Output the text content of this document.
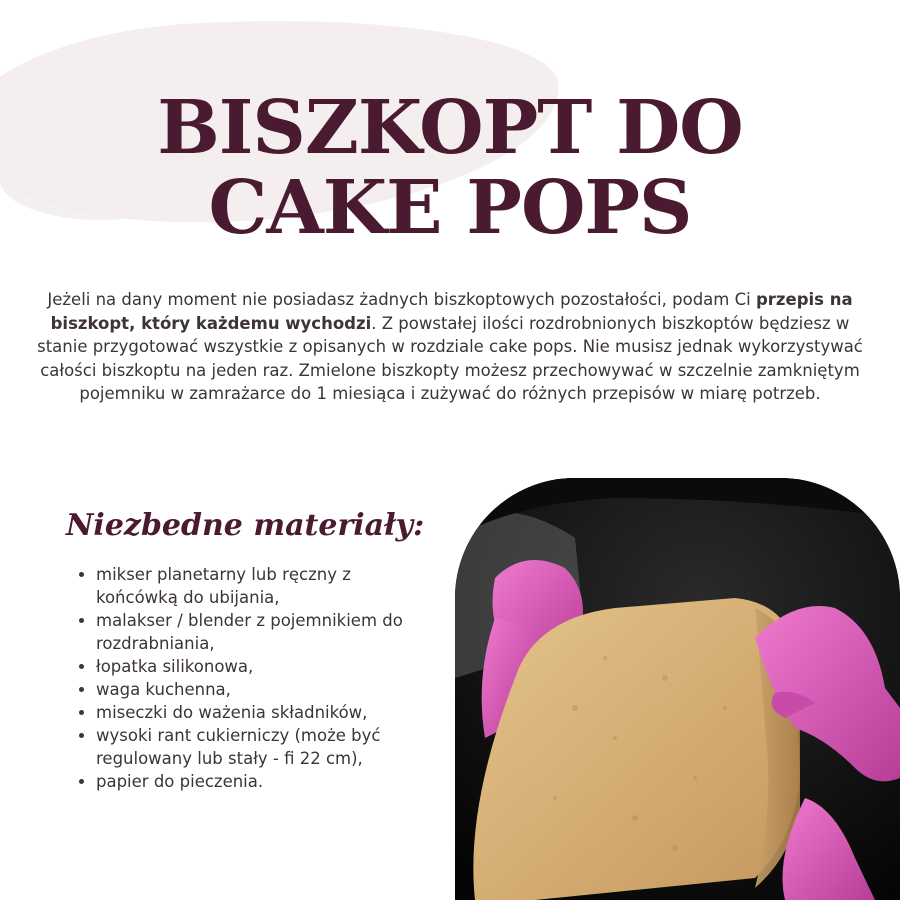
BISZKOPT DO
CAKE POPS

Jeżeli na dany moment nie posiadasz żadnych biszkoptowych pozostałości, podam Ci przepis na biszkopt, który każdemu wychodzi. Z powstałej ilości rozdrobnionych biszkoptów będziesz w stanie przygotować wszystkie z opisanych w rozdziale cake pops. Nie musisz jednak wykorzystywać całości biszkoptu na jeden raz. Zmielone biszkopty możesz przechowywać w szczelnie zamkniętym pojemniku w zamrażarce do 1 miesiąca i zużywać do różnych przepisów w miarę potrzeb.

Niezbedne materiały:
• mikser planetarny lub ręczny z końcówką do ubijania,
• malakser / blender z pojemnikiem do rozdrabniania,
• łopatka silikonowa,
• waga kuchenna,
• miseczki do ważenia składników,
• wysoki rant cukierniczy (może być regulowany lub stały - fi 22 cm),
• papier do pieczenia.
